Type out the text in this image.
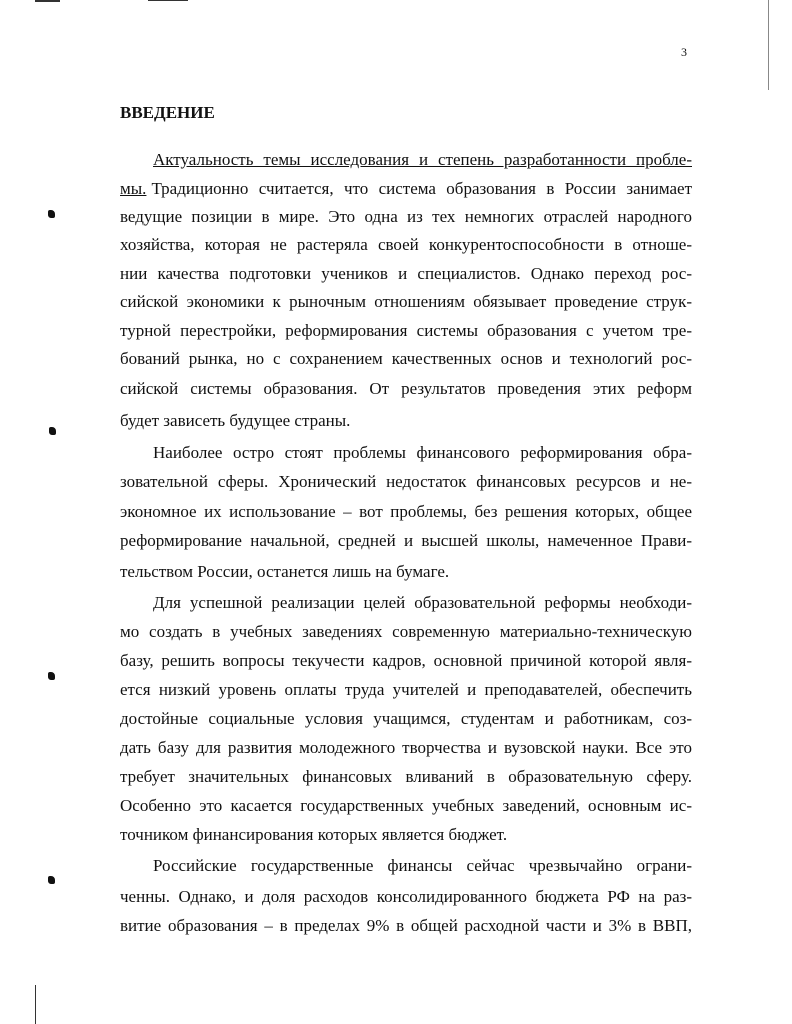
3
ВВЕДЕНИЕ
Актуальность темы исследования и степень разработанности пробле-
мы. Традиционно считается, что система образования в России занимает
ведущие позиции в мире. Это одна из тех немногих отраслей народного
хозяйства, которая не растеряла своей конкурентоспособности в отноше-
нии качества подготовки учеников и специалистов. Однако переход рос-
сийской экономики к рыночным отношениям обязывает проведение струк-
турной перестройки, реформирования системы образования с учетом тре-
бований рынка, но с сохранением качественных основ и технологий рос-
сийской системы образования. От результатов проведения этих реформ
будет зависеть будущее страны.
Наиболее остро стоят проблемы финансового реформирования обра-
зовательной сферы. Хронический недостаток финансовых ресурсов и не-
экономное их использование – вот проблемы, без решения которых, общее
реформирование начальной, средней и высшей школы, намеченное Прави-
тельством России, останется лишь на бумаге.
Для успешной реализации целей образовательной реформы необходи-
мо создать в учебных заведениях современную материально-техническую
базу, решить вопросы текучести кадров, основной причиной которой явля-
ется низкий уровень оплаты труда учителей и преподавателей, обеспечить
достойные социальные условия учащимся, студентам и работникам, соз-
дать базу для развития молодежного творчества и вузовской науки. Все это
требует значительных финансовых вливаний в образовательную сферу.
Особенно это касается государственных учебных заведений, основным ис-
точником финансирования которых является бюджет.
Российские государственные финансы сейчас чрезвычайно ограни-
ченны. Однако, и доля расходов консолидированного бюджета РФ на раз-
витие образования – в пределах 9% в общей расходной части и 3% в ВВП,
